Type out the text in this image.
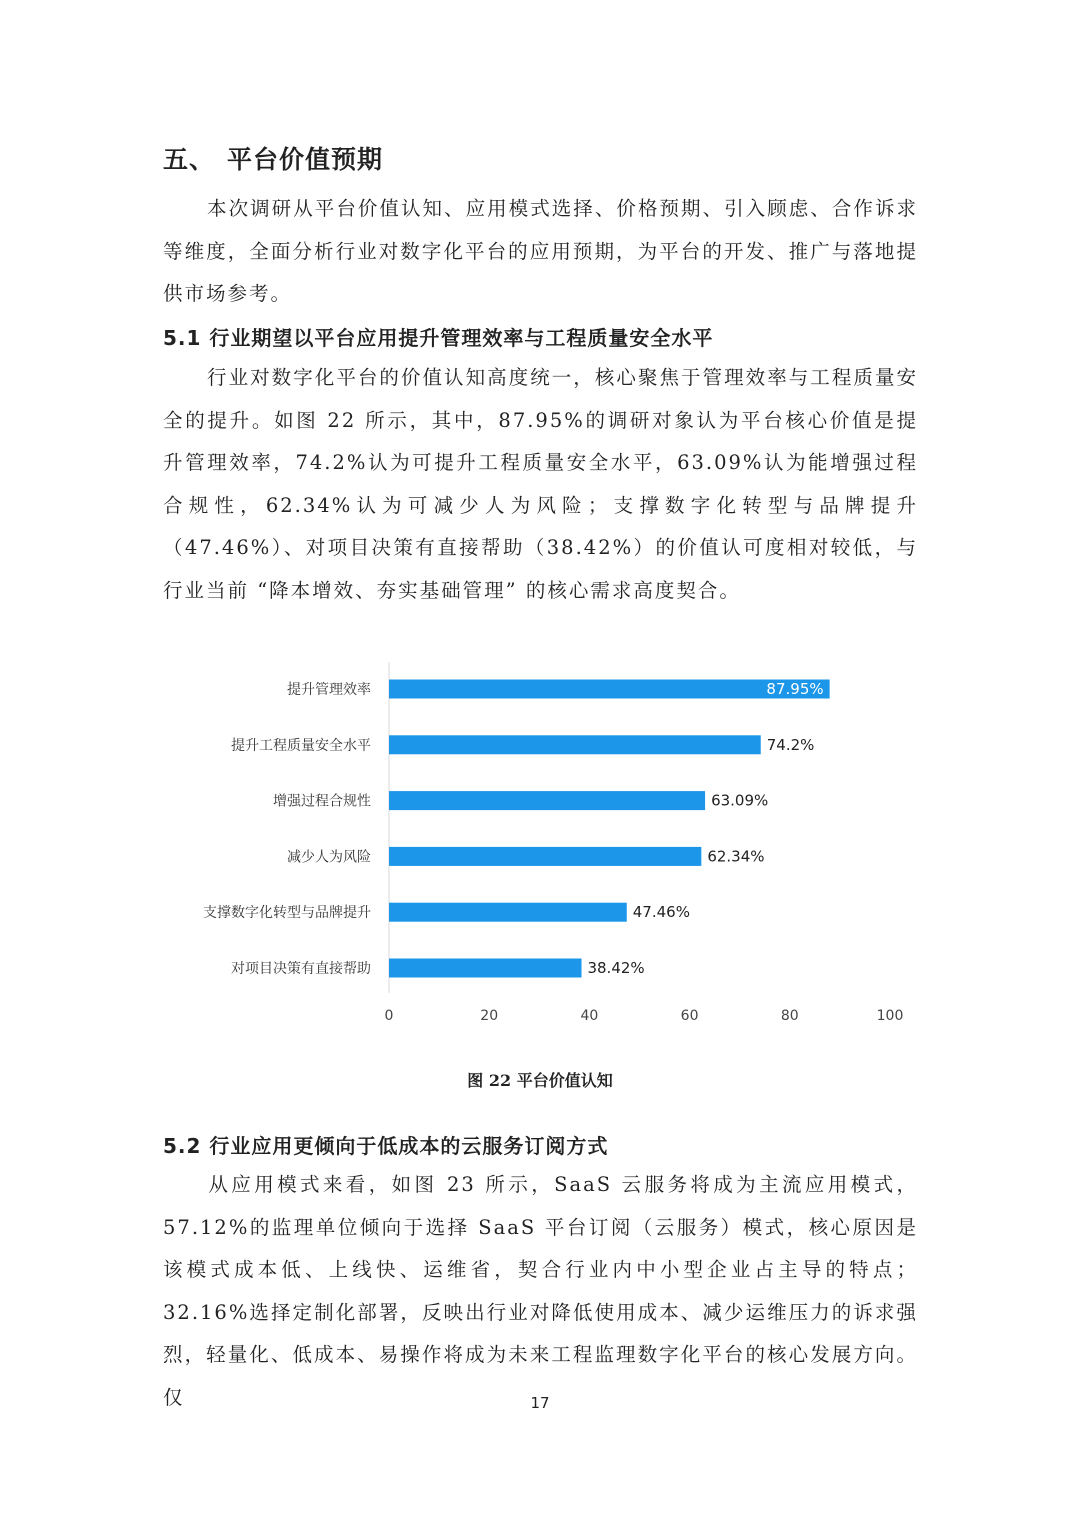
五、 平台价值预期
本次调研从平台价值认知、应用模式选择、价格预期、引入顾虑、合作诉求等维度，全面分析行业对数字化平台的应用预期，为平台的开发、推广与落地提供市场参考。
5.1 行业期望以平台应用提升管理效率与工程质量安全水平
行业对数字化平台的价值认知高度统一，核心聚焦于管理效率与工程质量安全的提升。如图 22 所示，其中，87.95%的调研对象认为平台核心价值是提升管理效率，74.2%认为可提升工程质量安全水平，63.09%认为能增强过程合规性，62.34%认为可减少人为风险；支撑数字化转型与品牌提升（47.46%）、对项目决策有直接帮助（38.42%）的价值认可度相对较低，与行业当前 “降本增效、夯实基础管理” 的核心需求高度契合。
提升管理效率
提升工程质量安全水平
增强过程合规性
减少人为风险
支撑数字化转型与品牌提升
对项目决策有直接帮助
87.95%
74.2%
63.09%
62.34%
47.46%
38.42%
0	20	40	60	80	100
图 22 平台价值认知
5.2 行业应用更倾向于低成本的云服务订阅方式
从应用模式来看，如图 23 所示，SaaS 云服务将成为主流应用模式，57.12%的监理单位倾向于选择 SaaS 平台订阅（云服务）模式，核心原因是该模式成本低、上线快、运维省，契合行业内中小型企业占主导的特点；32.16%选择定制化部署，反映出行业对降低使用成本、减少运维压力的诉求强烈，轻量化、低成本、易操作将成为未来工程监理数字化平台的核心发展方向。仅	17
